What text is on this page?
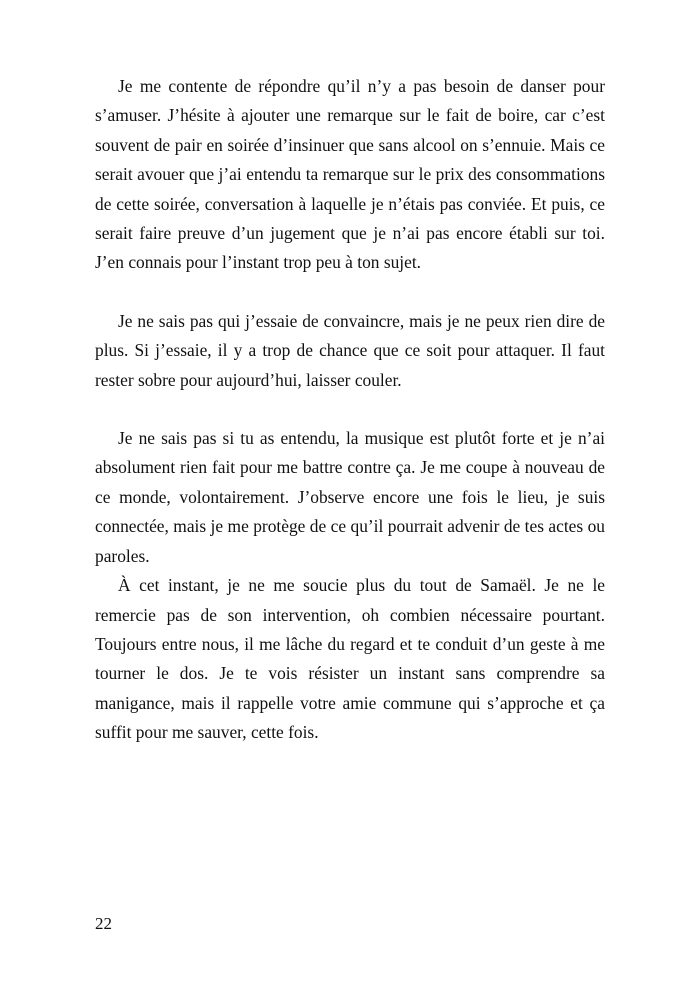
Je me contente de répondre qu’il n’y a pas besoin de danser pour s’amuser. J’hésite à ajouter une remarque sur le fait de boire, car c’est souvent de pair en soirée d’insinuer que sans alcool on s’ennuie. Mais ce serait avouer que j’ai entendu ta remarque sur le prix des consommations de cette soirée, conversation à laquelle je n’étais pas conviée. Et puis, ce serait faire preuve d’un jugement que je n’ai pas encore établi sur toi. J’en connais pour l’instant trop peu à ton sujet.

Je ne sais pas qui j’essaie de convaincre, mais je ne peux rien dire de plus. Si j’essaie, il y a trop de chance que ce soit pour attaquer. Il faut rester sobre pour aujourd’hui, laisser couler.

Je ne sais pas si tu as entendu, la musique est plutôt forte et je n’ai absolument rien fait pour me battre contre ça. Je me coupe à nouveau de ce monde, volontairement. J’observe encore une fois le lieu, je suis connectée, mais je me protège de ce qu’il pourrait advenir de tes actes ou paroles.

À cet instant, je ne me soucie plus du tout de Samaël. Je ne le remercie pas de son intervention, oh combien nécessaire pourtant. Toujours entre nous, il me lâche du regard et te conduit d’un geste à me tourner le dos. Je te vois résister un instant sans comprendre sa manigance, mais il rappelle votre amie commune qui s’approche et ça suffit pour me sauver, cette fois.

22
